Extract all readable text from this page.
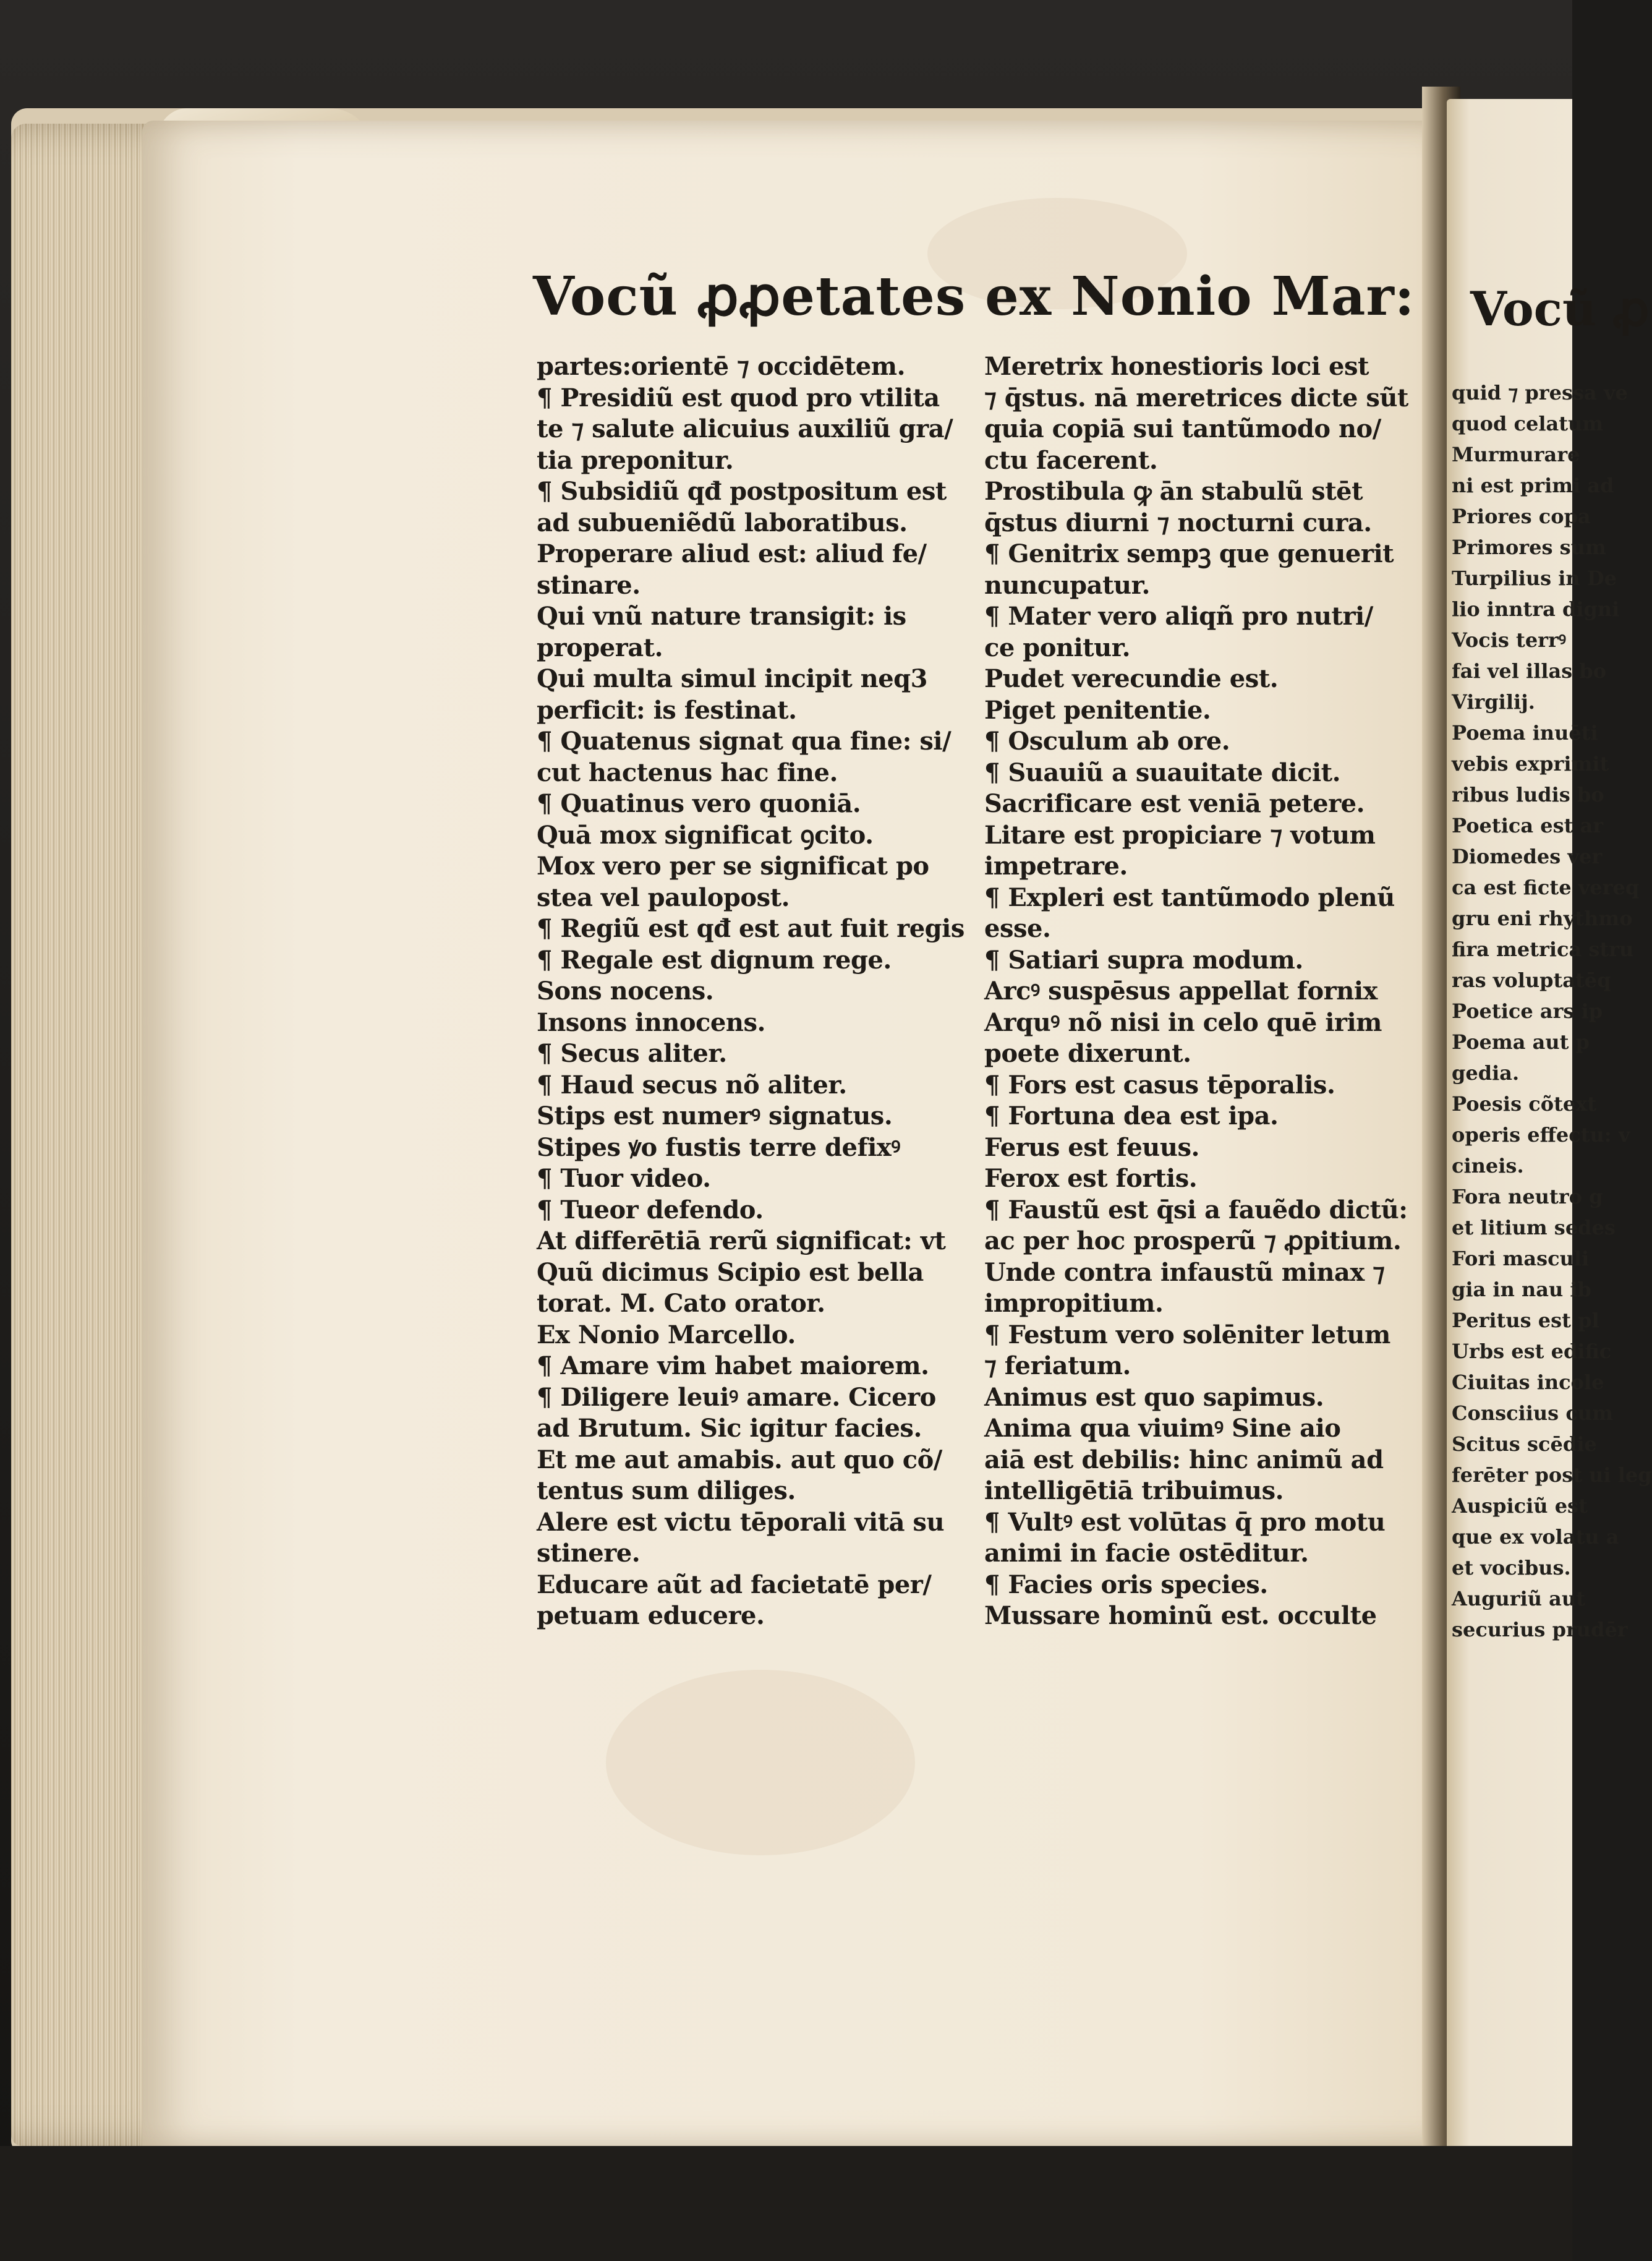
Vocũ ꝓꝓetates ex Nonio Mar:
partes:orientē ⁊ occidētem.
¶ Presidiũ est quod pro vtilita
te ⁊ salute alicuius auxiliũ gra/
tia preponitur.
¶ Subsidiũ qđ postpositum est
ad subueniẽdũ laboratibus.
Properare aliud est: aliud fe/
stinare.
Qui vnũ nature transigit: is
properat.
Qui multa simul incipit neq3
perficit: is festinat.
¶ Quatenus signat qua fine: si/
cut hactenus hac fine.
¶ Quatinus vero quoniā.
Quā mox significat ꝯcito.
Mox vero per se significat po
stea vel paulopost.
¶ Regiũ est qđ est aut fuit regis
¶ Regale est dignum rege.
Sons nocens.
Insons innocens.
¶ Secus aliter.
¶ Haud secus nõ aliter.
Stips est numerꝰ signatus.
Stipes ꝟo fustis terre defixꝰ
¶ Tuor video.
¶ Tueor defendo.
At differētiā rerũ significat: vt
Quũ dicimus Scipio est bella
torat. M. Cato orator.
Ex Nonio Marcello.
¶ Amare vim habet maiorem.
¶ Diligere leuiꝰ amare. Cicero
ad Brutum. Sic igitur facies.
Et me aut amabis. aut quo cõ/
tentus sum diliges.
Alere est victu tēporali vitā su
stinere.
Educare aũt ad facietatē per/
petuam educere.
Meretrix honestioris loci est
⁊ q̄stus. nā meretrices dicte sũt
quia copiā sui tantũmodo no/
ctu facerent.
Prostibula ꝙ ān stabulũ stēt
q̄stus diurni ⁊ nocturni cura.
¶ Genitrix sempꝫ que genuerit
nuncupatur.
¶ Mater vero aliqñ pro nutri/
ce ponitur.
Pudet verecundie est.
Piget penitentie.
¶ Osculum ab ore.
¶ Suauiũ a suauitate dicit.
Sacrificare est veniā petere.
Litare est propiciare ⁊ votum
impetrare.
¶ Expleri est tantũmodo plenũ
esse.
¶ Satiari supra modum.
Arcꝰ suspēsus appellat fornix
Arquꝰ nõ nisi in celo quē irim
poete dixerunt.
¶ Fors est casus tēporalis.
¶ Fortuna dea est ipa.
Ferus est feuus.
Ferox est fortis.
¶ Faustũ est q̄si a fauẽdo dictũ:
ac per hoc prosperũ ⁊ ꝓpitium.
Unde contra infaustũ minax ⁊
impropitium.
¶ Festum vero solēniter letum
⁊ feriatum.
Animus est quo sapimus.
Anima qua viuimꝰ Sine aio
aiā est debilis: hinc animũ ad
intelligētiā tribuimus.
¶ Vultꝰ est volūtas q̄ pro motu
animi in facie ostēditur.
¶ Facies oris species.
Mussare hominũ est. occulte
Vocũ ꝓ
quid ⁊ pressa ve
quod celatum
Murmurare
ni est primi ad
Priores copa
Primores sum
Turpilius in De
lio inntra digni
Vocis terrꝰ
fai vel illas bo
Virgilij.
Poema inuēti
vebis exprimit
ribus ludis bo
Poetica est ar
Diomedes ver
ca est ficte vereq
gru eni rhythmo
fira metrica stru
ras voluptatēq
Poetice ars ip
Poema aut p
gedia.
Poesis cõtext
operis effectu: v
cineis.
Fora neutro g
et litium sedes
Fori masculi
gia in nau ib
Peritus est pl
Urbs est edific
Ciuitas incole
Consciius cum
Scitus scēdie
ferēter post ui leg
Auspiciũ est
que ex volatu a
et vocibus.
Auguriũ aut
securius prudēr
